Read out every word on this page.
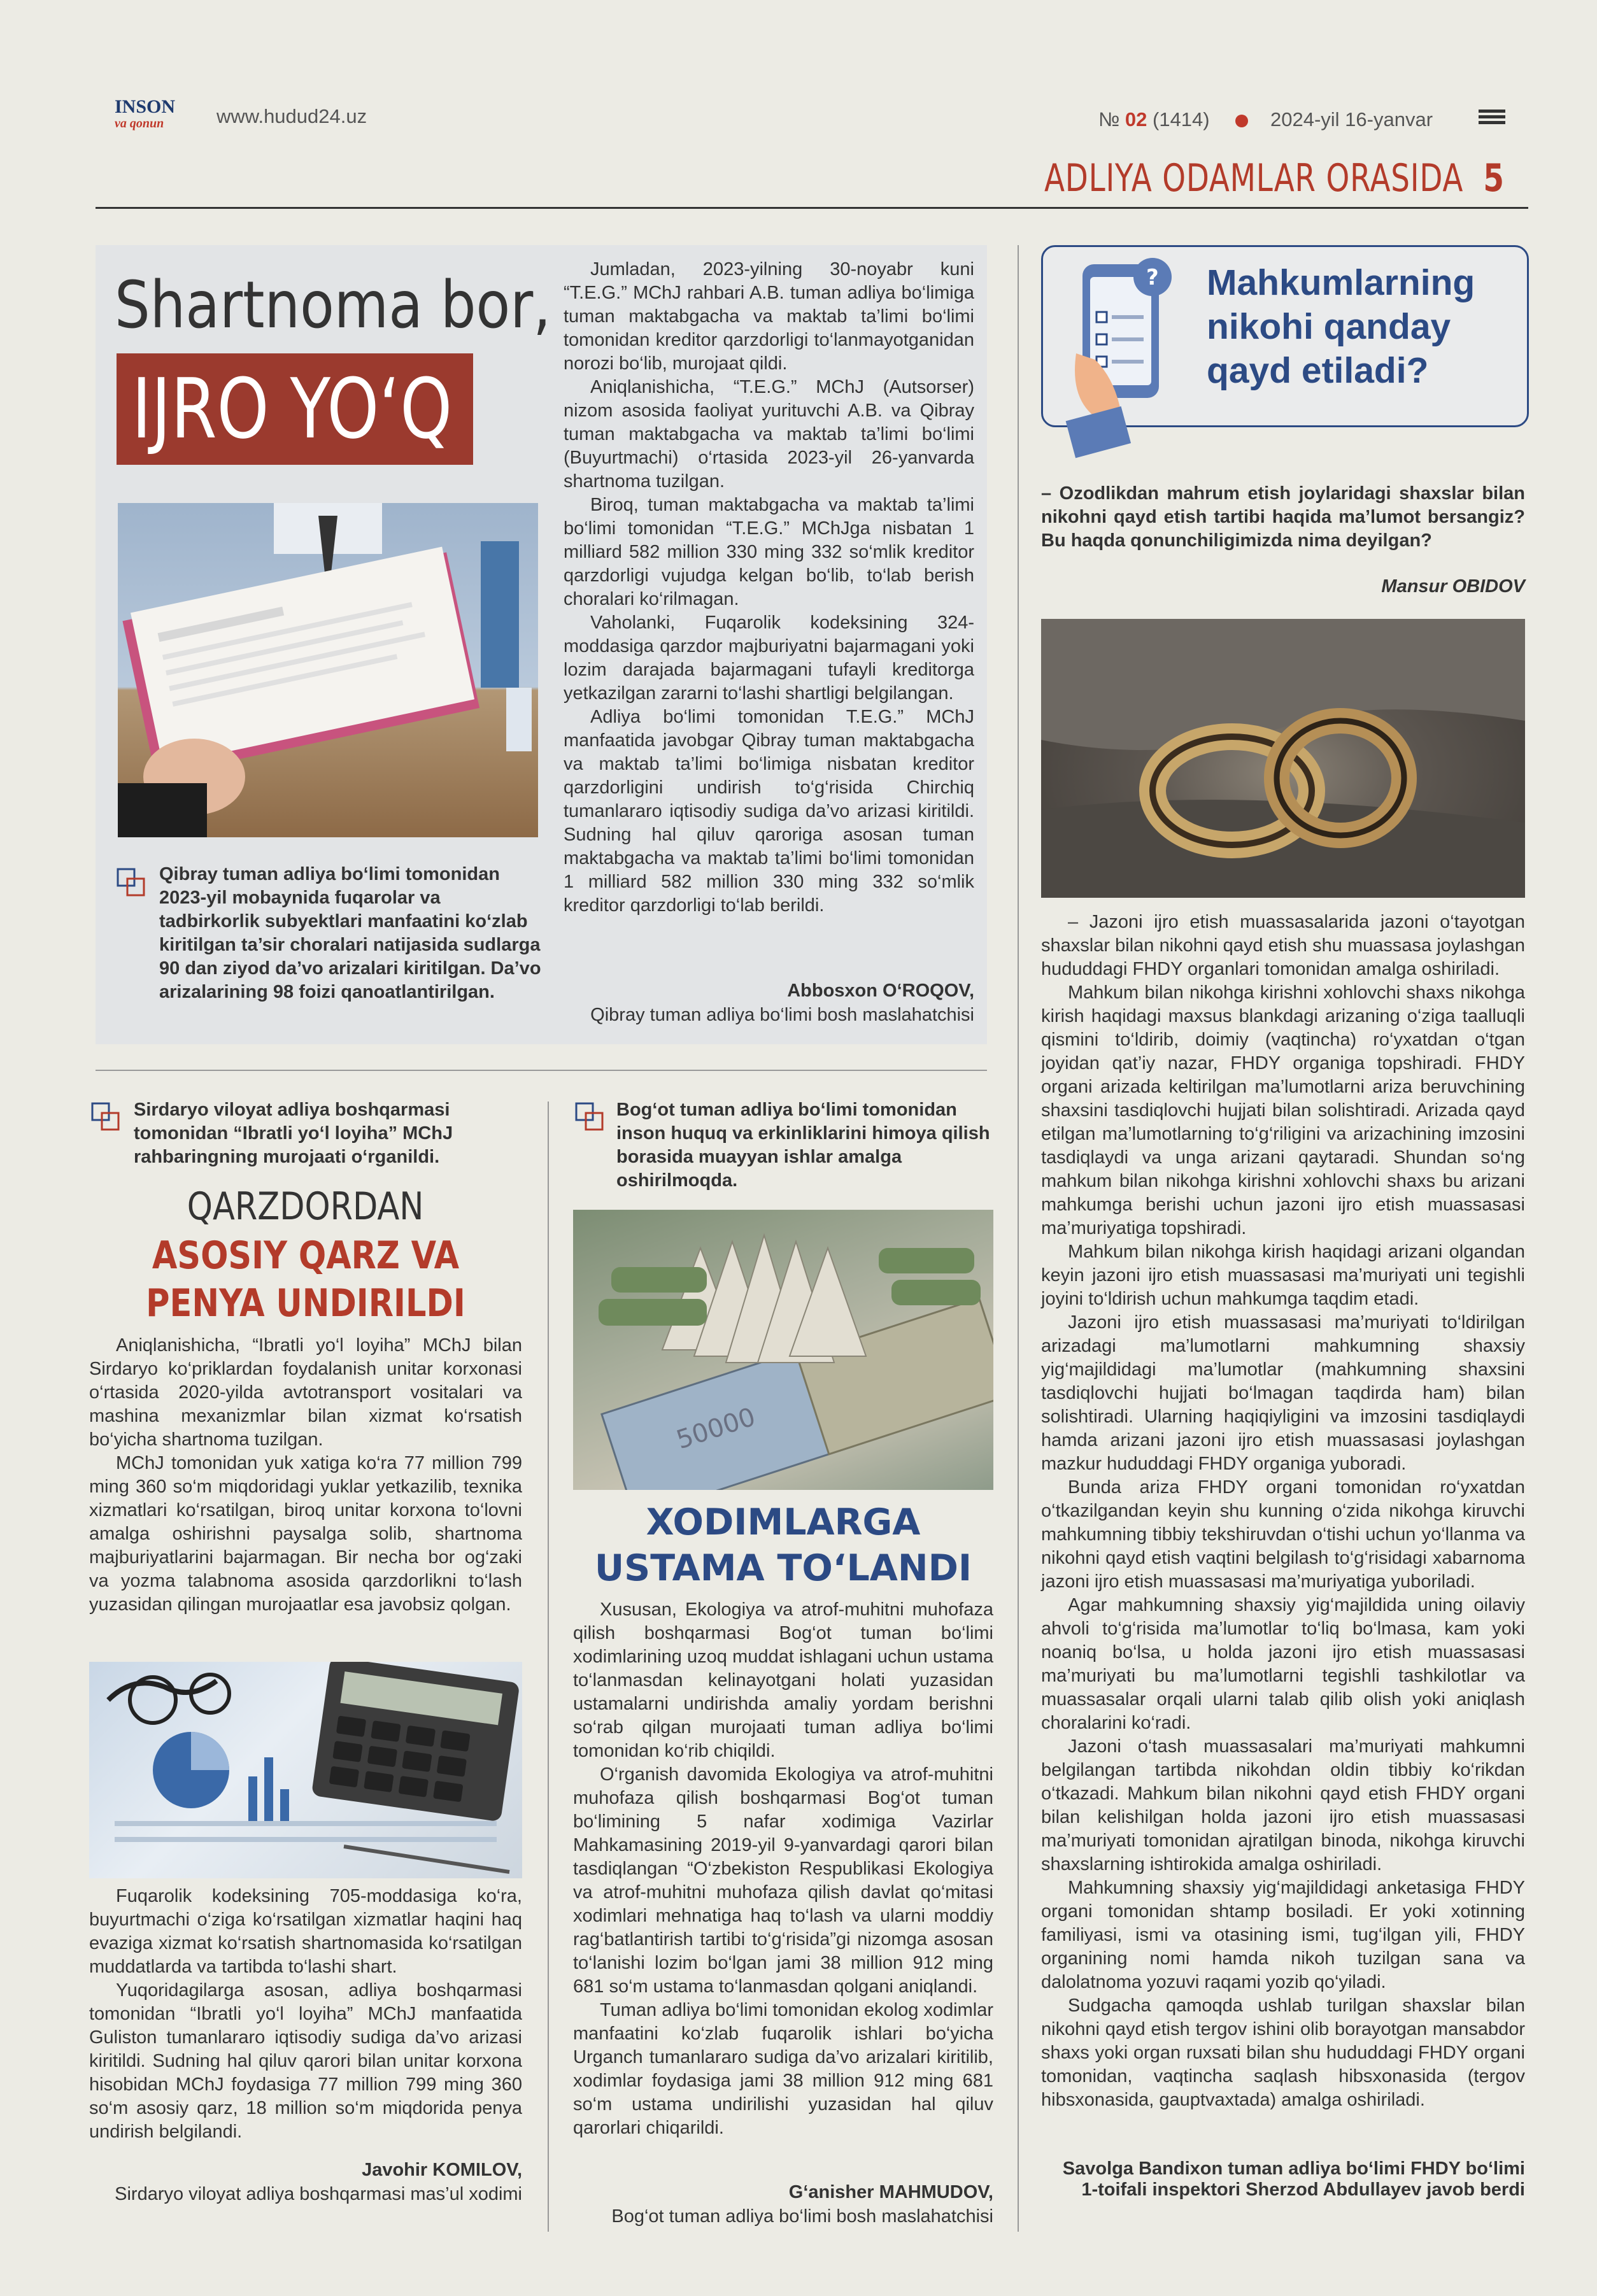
INSON
va qonun	www.hudud24.uz	№ 02 (1414)	2024-yil 16-yanvar
ADLIYA ODAMLAR ORASIDA 5
Shartnoma bor,
IJRO YO‘Q
Qibray tuman adliya bo‘limi tomonidan 2023-yil mobaynida fuqarolar va tadbirkorlik subyektlari manfaatini ko‘zlab kiritilgan ta’sir choralari natijasida sudlarga 90 dan ziyod da’vo arizalari kiritilgan. Da’vo arizalarining 98 foizi qanoatlantirilgan.

Jumladan, 2023-yilning 30-noyabr kuni “T.E.G.” MChJ rahbari A.B. tuman adliya bo‘limiga tuman maktabgacha va maktab ta’limi bo‘limi tomonidan kreditor qarzdorligi to‘lanmayotganidan norozi bo‘lib, murojaat qildi.

Aniqlanishicha, “T.E.G.” MChJ (Autsorser) nizom asosida faoliyat yurituvchi A.B. va Qibray tuman maktabgacha va maktab ta’limi bo‘limi (Buyurtmachi) o‘rtasida 2023-yil 26-yanvarda shartnoma tuzilgan.

Biroq, tuman maktabgacha va maktab ta’limi bo‘limi tomonidan “T.E.G.” MChJga nisbatan 1 milliard 582 million 330 ming 332 so‘mlik kreditor qarzdorligi vujudga kelgan bo‘lib, to‘lab berish choralari ko‘rilmagan.

Vaholanki, Fuqarolik kodeksining 324-moddasiga qarzdor majburiyatni bajarmagani yoki lozim darajada bajarmagani tufayli kreditorga yetkazilgan zararni to‘lashi shartligi belgilangan.

Adliya bo‘limi tomonidan T.E.G.” MChJ manfaatida javobgar Qibray tuman maktabgacha va maktab ta’limi bo‘limiga nisbatan kreditor qarzdorligini undirish to‘g‘risida Chirchiq tumanlararo iqtisodiy sudiga da’vo arizasi kiritildi. Sudning hal qiluv qaroriga asosan tuman maktabgacha va maktab ta’limi bo‘limi tomonidan 1 milliard 582 million 330 ming 332 so‘mlik kreditor qarzdorligi to‘lab berildi.

Abbosxon O‘ROQOV,
Qibray tuman adliya bo‘limi bosh maslahatchisi
? Mahkumlarning nikohi qanday qayd etiladi?
– Ozodlikdan mahrum etish joylaridagi shaxslar bilan nikohni qayd etish tartibi haqida ma’lumot bersangiz? Bu haqda qonunchiligimizda nima deyilgan?
Mansur OBIDOV

– Jazoni ijro etish muassasalarida jazoni o‘tayotgan shaxslar bilan nikohni qayd etish shu muassasa joylashgan hududdagi FHDY organlari tomonidan amalga oshiriladi.

Mahkum bilan nikohga kirishni xohlovchi shaxs nikohga kirish haqidagi maxsus blankdagi arizaning o‘ziga taalluqli qismini to‘ldirib, doimiy (vaqtincha) ro‘yxatdan o‘tgan joyidan qat’iy nazar, FHDY organiga topshiradi. FHDY organi arizada keltirilgan ma’lumotlarni ariza beruvchining shaxsini tasdiqlovchi hujjati bilan solishtiradi. Arizada qayd etilgan ma’lumotlarning to‘g‘riligini va arizachining imzosini tasdiqlaydi va unga arizani qaytaradi. Shundan so‘ng mahkum bilan nikohga kirishni xohlovchi shaxs bu arizani mahkumga berishi uchun jazoni ijro etish muassasasi ma’muriyatiga topshiradi.

Mahkum bilan nikohga kirish haqidagi arizani olgandan keyin jazoni ijro etish muassasasi ma’muriyati uni tegishli joyini to‘ldirish uchun mahkumga taqdim etadi.

Jazoni ijro etish muassasasi ma’muriyati to‘ldirilgan arizadagi ma’lumotlarni mahkumning shaxsiy yig‘majildidagi ma’lumotlar (mahkumning shaxsini tasdiqlovchi hujjati bo‘lmagan taqdirda ham) bilan solishtiradi. Ularning haqiqiyligini va imzosini tasdiqlaydi hamda arizani jazoni ijro etish muassasasi joylashgan mazkur hududdagi FHDY organiga yuboradi.

Bunda ariza FHDY organi tomonidan ro‘yxatdan o‘tkazilgandan keyin shu kunning o‘zida nikohga kiruvchi mahkumning tibbiy tekshiruvdan o‘tishi uchun yo‘llanma va nikohni qayd etish vaqtini belgilash to‘g‘risidagi xabarnoma jazoni ijro etish muassasasi ma’muriyatiga yuboriladi.

Agar mahkumning shaxsiy yig‘majildida uning oilaviy ahvoli to‘g‘risida ma’lumotlar to‘liq bo‘lmasa, kam yoki noaniq bo‘lsa, u holda jazoni ijro etish muassasasi ma’muriyati bu ma’lumotlarni tegishli tashkilotlar va muassasalar orqali ularni talab qilib olish yoki aniqlash choralarini ko‘radi.

Jazoni o‘tash muassasalari ma’muriyati mahkumni belgilangan tartibda nikohdan oldin tibbiy ko‘rikdan o‘tkazadi. Mahkum bilan nikohni qayd etish FHDY organi bilan kelishilgan holda jazoni ijro etish muassasasi ma’muriyati tomonidan ajratilgan binoda, nikohga kiruvchi shaxslarning ishtirokida amalga oshiriladi.

Mahkumning shaxsiy yig‘majildidagi anketasiga FHDY organi tomonidan shtamp bosiladi. Er yoki xotinning familiyasi, ismi va otasining ismi, tug‘ilgan yili, FHDY organining nomi hamda nikoh tuzilgan sana va dalolatnoma yozuvi raqami yozib qo‘yiladi.

Sudgacha qamoqda ushlab turilgan shaxslar bilan nikohni qayd etish tergov ishini olib borayotgan mansabdor shaxs yoki organ ruxsati bilan shu hududdagi FHDY organi tomonidan, vaqtincha saqlash hibsxonasida (tergov hibsxonasida, gauptvaxtada) amalga oshiriladi.

Savolga Bandixon tuman adliya bo‘limi FHDY bo‘limi 1-toifali inspektori Sherzod Abdullayev javob berdi
Sirdaryo viloyat adliya boshqarmasi tomonidan “Ibratli yo‘l loyiha” MChJ rahbaringning murojaati o‘rganildi.
QARZDORDAN
ASOSIY QARZ VA PENYA UNDIRILDI

Aniqlanishicha, “Ibratli yo‘l loyiha” MChJ bilan Sirdaryo ko‘priklardan foydalanish unitar korxonasi o‘rtasida 2020-yilda avtotransport vositalari va mashina mexanizmlar bilan xizmat ko‘rsatish bo‘yicha shartnoma tuzilgan.

MChJ tomonidan yuk xatiga ko‘ra 77 million 799 ming 360 so‘m miqdoridagi yuklar yetkazilib, texnika xizmatlari ko‘rsatilgan, biroq unitar korxona to‘lovni amalga oshirishni paysalga solib, shartnoma majburiyatlarini bajarmagan. Bir necha bor og‘zaki va yozma talabnoma asosida qarzdorlikni to‘lash yuzasidan qilingan murojaatlar esa javobsiz qolgan.

Fuqarolik kodeksining 705-moddasiga ko‘ra, buyurtmachi o‘ziga ko‘rsatilgan xizmatlar haqini haq evaziga xizmat ko‘rsatish shartnomasida ko‘rsatilgan muddatlarda va tartibda to‘lashi shart.

Yuqoridagilarga asosan, adliya boshqarmasi tomonidan “Ibratli yo‘l loyiha” MChJ manfaatida Guliston tumanlararo iqtisodiy sudiga da’vo arizasi kiritildi. Sudning hal qiluv qarori bilan unitar korxona hisobidan MChJ foydasiga 77 million 799 ming 360 so‘m asosiy qarz, 18 million so‘m miqdorida penya undirish belgilandi.

Javohir KOMILOV,
Sirdaryo viloyat adliya boshqarmasi mas’ul xodimi
Bog‘ot tuman adliya bo‘limi tomonidan inson huquq va erkinliklarini himoya qilish borasida muayyan ishlar amalga oshirilmoqda.
50000
XODIMLARGA USTAMA TO‘LANDI

Xususan, Ekologiya va atrof-muhitni muhofaza qilish boshqarmasi Bog‘ot tuman bo‘limi xodimlarining uzoq muddat ishlagani uchun ustama to‘lanmasdan kelinayotgani holati yuzasidan ustamalarni undirishda amaliy yordam berishni so‘rab qilgan murojaati tuman adliya bo‘limi tomonidan ko‘rib chiqildi.

O‘rganish davomida Ekologiya va atrof-muhitni muhofaza qilish boshqarmasi Bog‘ot tuman bo‘limining 5 nafar xodimiga Vazirlar Mahkamasining 2019-yil 9-yanvardagi qarori bilan tasdiqlangan “O‘zbekiston Respublikasi Ekologiya va atrof-muhitni muhofaza qilish davlat qo‘mitasi xodimlari mehnatiga haq to‘lash va ularni moddiy rag‘batlantirish tartibi to‘g‘risida”gi nizomga asosan to‘lanishi lozim bo‘lgan jami 38 million 912 ming 681 so‘m ustama to‘lanmasdan qolgani aniqlandi.

Tuman adliya bo‘limi tomonidan ekolog xodimlar manfaatini ko‘zlab fuqarolik ishlari bo‘yicha Urganch tumanlararo sudiga da’vo arizalari kiritilib, xodimlar foydasiga jami 38 million 912 ming 681 so‘m ustama undirilishi yuzasidan hal qiluv qarorlari chiqarildi.

G‘anisher MAHMUDOV,
Bog‘ot tuman adliya bo‘limi bosh maslahatchisi
